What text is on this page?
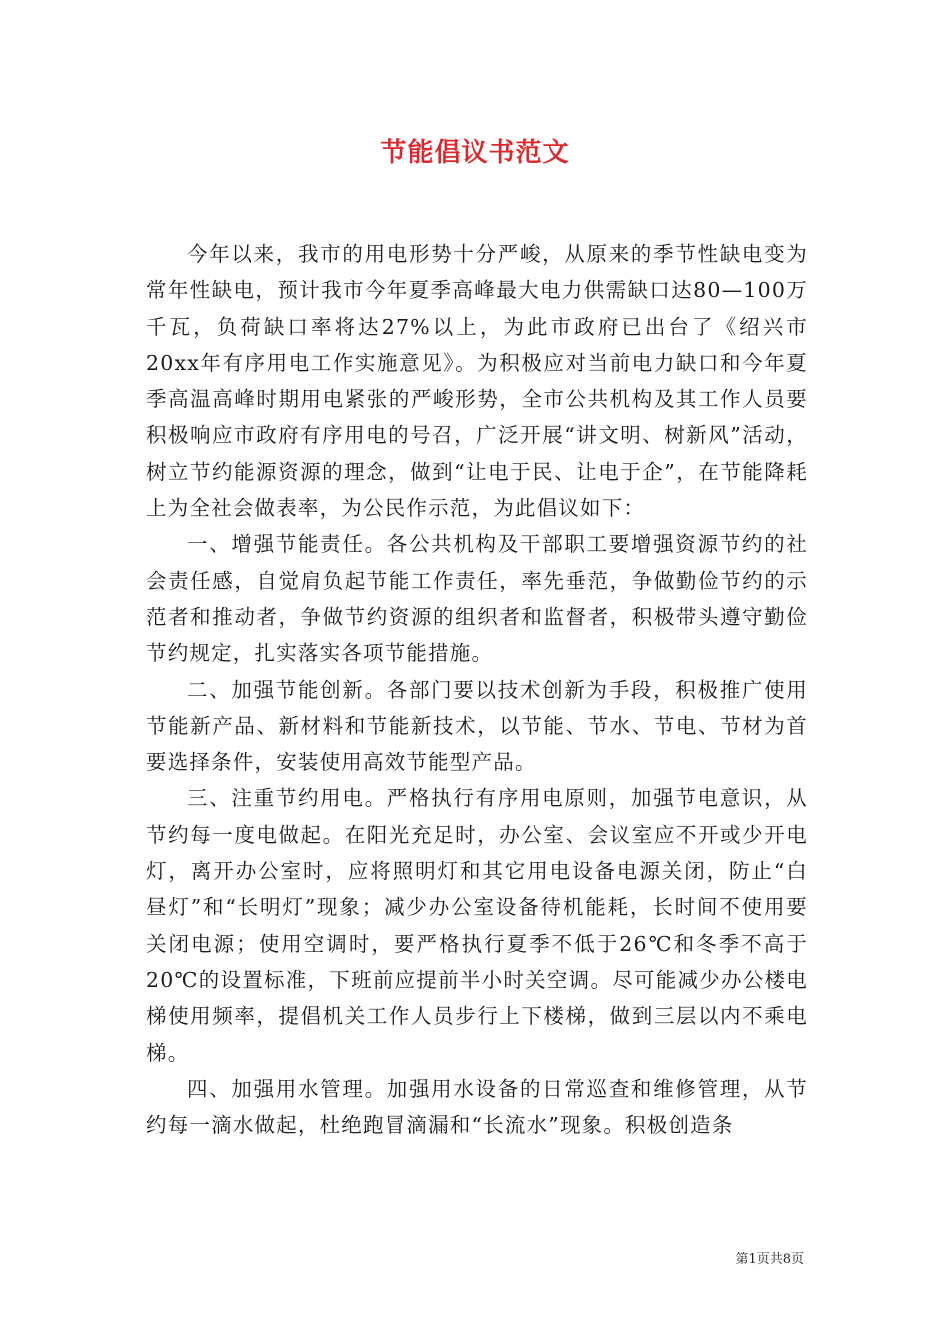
节能倡议书范文

今年以来，我市的用电形势十分严峻，从原来的季节性缺电变为常年性缺电，预计我市今年夏季高峰最大电力供需缺口达80—100万千瓦，负荷缺口率将达27%以上，为此市政府已出台了《绍兴市20xx年有序用电工作实施意见》。为积极应对当前电力缺口和今年夏季高温高峰时期用电紧张的严峻形势，全市公共机构及其工作人员要积极响应市政府有序用电的号召，广泛开展“讲文明、树新风”活动，树立节约能源资源的理念，做到“让电于民、让电于企”，在节能降耗上为全社会做表率，为公民作示范，为此倡议如下：

一、增强节能责任。各公共机构及干部职工要增强资源节约的社会责任感，自觉肩负起节能工作责任，率先垂范，争做勤俭节约的示范者和推动者，争做节约资源的组织者和监督者，积极带头遵守勤俭节约规定，扎实落实各项节能措施。

二、加强节能创新。各部门要以技术创新为手段，积极推广使用节能新产品、新材料和节能新技术，以节能、节水、节电、节材为首要选择条件，安装使用高效节能型产品。

三、注重节约用电。严格执行有序用电原则，加强节电意识，从节约每一度电做起。在阳光充足时，办公室、会议室应不开或少开电灯，离开办公室时，应将照明灯和其它用电设备电源关闭，防止“白昼灯”和“长明灯”现象；减少办公室设备待机能耗，长时间不使用要关闭电源；使用空调时，要严格执行夏季不低于26℃和冬季不高于20℃的设置标准，下班前应提前半小时关空调。尽可能减少办公楼电梯使用频率，提倡机关工作人员步行上下楼梯，做到三层以内不乘电梯。

四、加强用水管理。加强用水设备的日常巡查和维修管理，从节约每一滴水做起，杜绝跑冒滴漏和“长流水”现象。积极创造条

第1页共8页
